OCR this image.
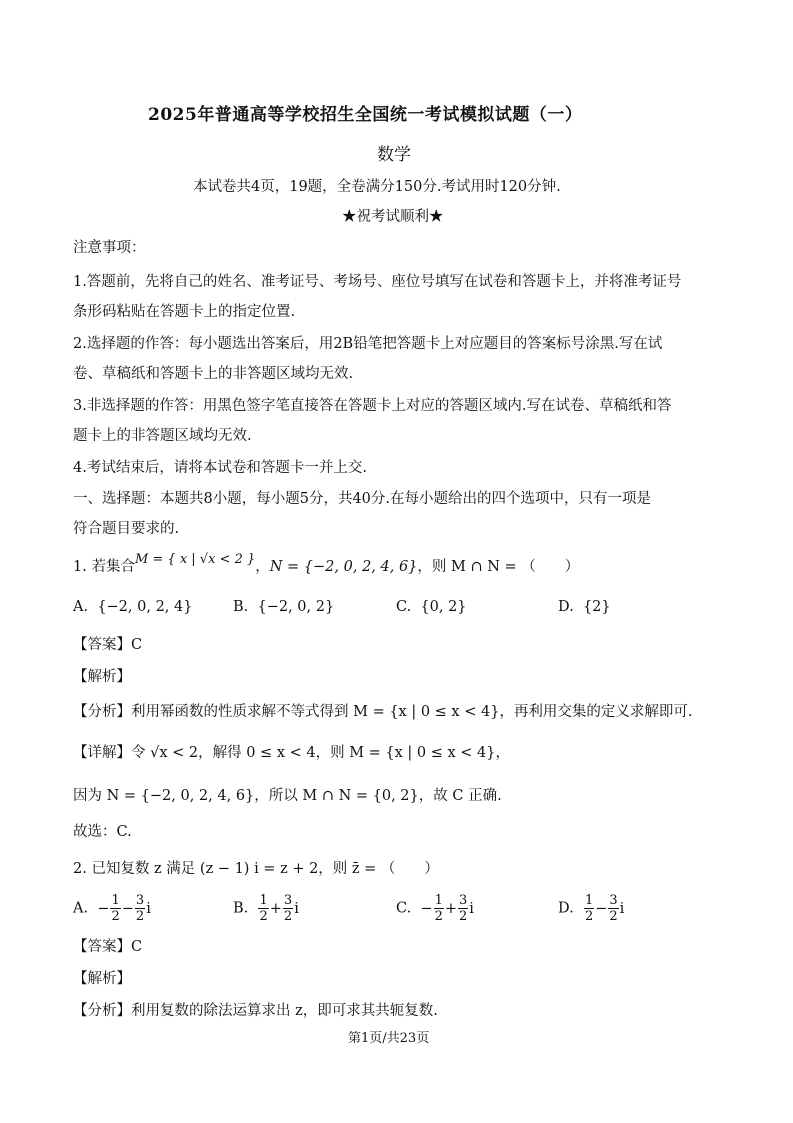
2025年普通高等学校招生全国统一考试模拟试题（一）
数学
本试卷共4页，19题，全卷满分150分.考试用时120分钟.
★祝考试顺利★
注意事项：
1.答题前，先将自己的姓名、准考证号、考场号、座位号填写在试卷和答题卡上，并将准考证号
条形码粘贴在答题卡上的指定位置.
2.选择题的作答：每小题选出答案后，用2B铅笔把答题卡上对应题目的答案标号涂黑.写在试
卷、草稿纸和答题卡上的非答题区域均无效.
3.非选择题的作答：用黑色签字笔直接答在答题卡上对应的答题区域内.写在试卷、草稿纸和答
题卡上的非答题区域均无效.
4.考试结束后，请将本试卷和答题卡一并上交.
一、选择题：本题共8小题，每小题5分，共40分.在每小题给出的四个选项中，只有一项是
符合题目要求的.
1. 若集合M = { x | √x < 2 }，N = {−2, 0, 2, 4, 6}，则 M ∩ N = （　　）
A.  {−2, 0, 2, 4}	B.  {−2, 0, 2}	C.  {0, 2}	D.  {2}
【答案】C
【解析】
【分析】利用幂函数的性质求解不等式得到 M = {x | 0 ≤ x < 4}，再利用交集的定义求解即可.
【详解】令 √x < 2，解得 0 ≤ x < 4，则 M = {x | 0 ≤ x < 4}，
因为 N = {−2, 0, 2, 4, 6}，所以 M ∩ N = {0, 2}，故 C 正确.
故选：C.
2. 已知复数 z 满足 (z − 1) i = z + 2，则 z̄ = （　　）
A.  − $\frac{1}{2} - \frac{3}{2}$ i	B. $\frac{1}{2} + \frac{3}{2}$ i	C.  − $\frac{1}{2} + \frac{3}{2}$ i	D. $\frac{1}{2} - \frac{3}{2}$ i
【答案】C
【解析】
【分析】利用复数的除法运算求出 z，即可求其共轭复数.
第1页/共23页
